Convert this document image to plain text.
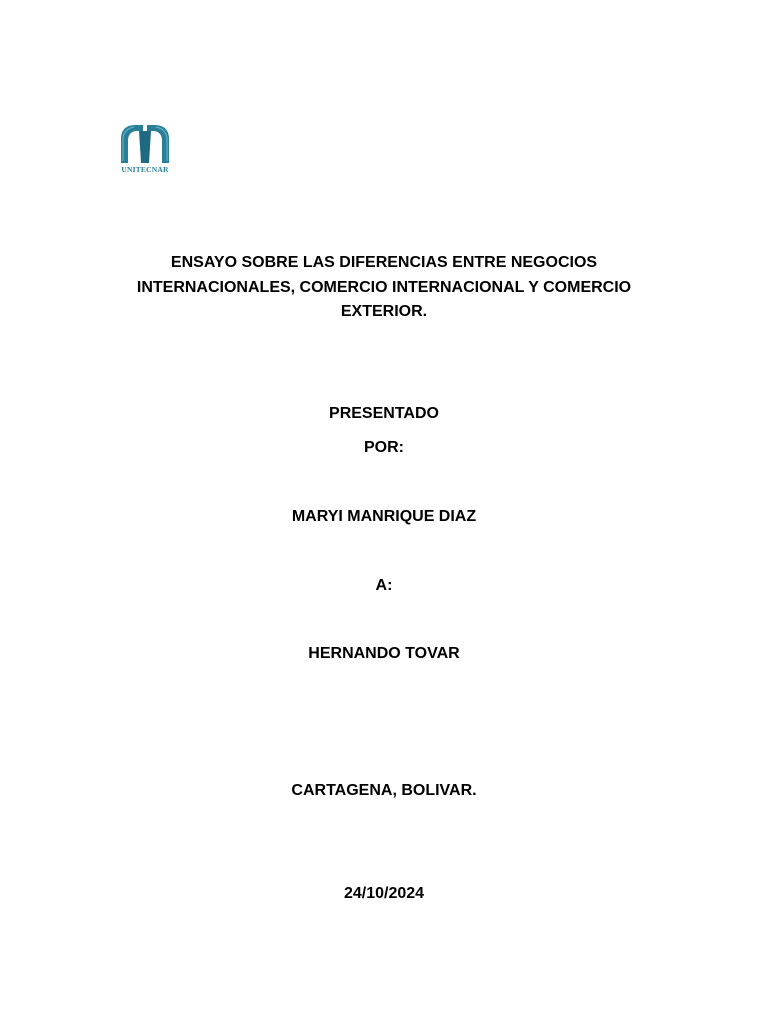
UNITECNAR
ENSAYO SOBRE LAS DIFERENCIAS ENTRE NEGOCIOS
INTERNACIONALES, COMERCIO INTERNACIONAL Y COMERCIO
EXTERIOR.
PRESENTADO
POR:
MARYI MANRIQUE DIAZ
A:
HERNANDO TOVAR
CARTAGENA, BOLIVAR.
24/10/2024
